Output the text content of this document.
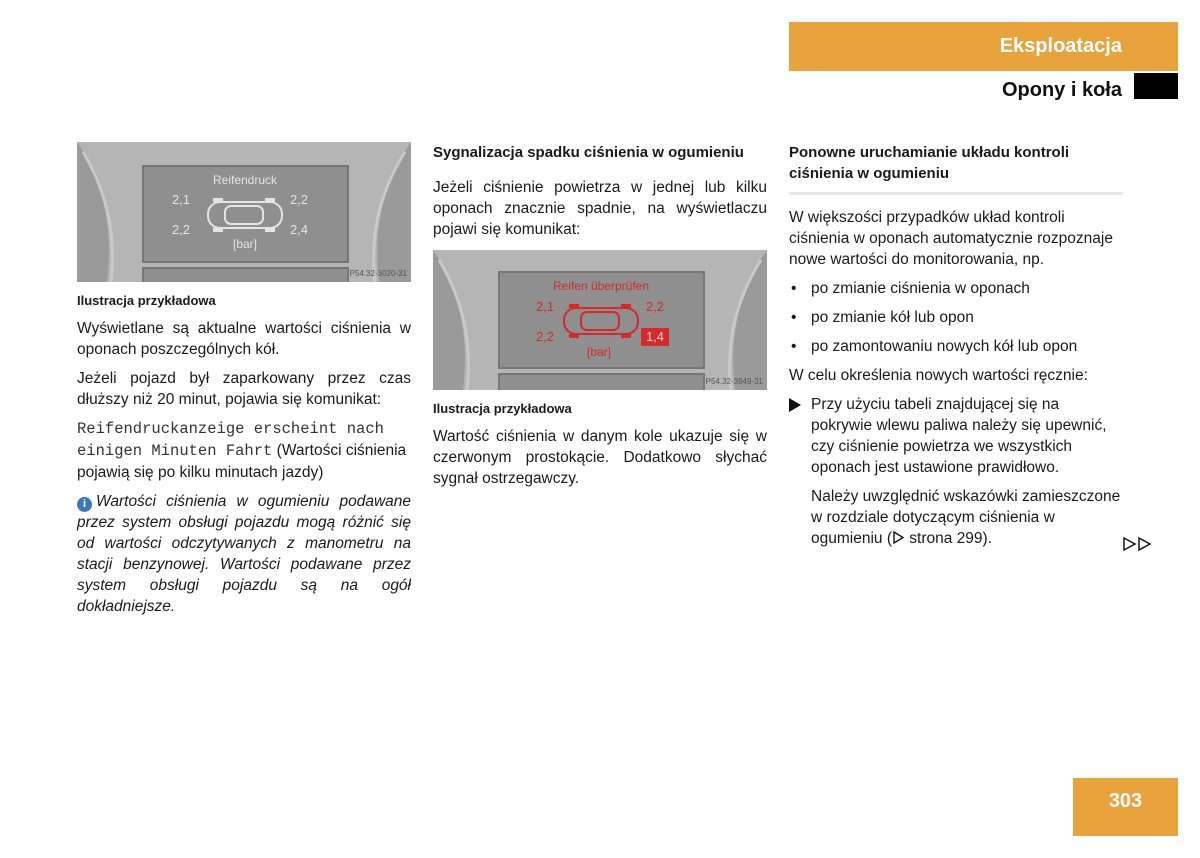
Eksploatacja
Opony i koła
Reifendruck
2,1	2,2
2,2	2,4
[bar]
P54.32-3020-31

Ilustracja przykładowa

Wyświetlane są aktualne wartości ciśnienia w oponach poszczególnych kół.

Jeżeli pojazd był zaparkowany przez czas dłuższy niż 20 minut, pojawia się komunikat:

Reifendruckanzeige erscheint nach einigen Minuten Fahrt (Wartości ciśnienia pojawią się po kilku minutach jazdy)

i Wartości ciśnienia w ogumieniu podawane przez system obsługi pojazdu mogą różnić się od wartości odczytywanych z manometru na stacji benzynowej. Wartości podawane przez system obsługi pojazdu są na ogół dokładniejsze.

Sygnalizacja spadku ciśnienia w ogumieniu

Jeżeli ciśnienie powietrza w jednej lub kilku oponach znacznie spadnie, na wyświetlaczu pojawi się komunikat:

Reifen überprüfen
2,1	2,2
2,2	1,4
[bar]
P54.32-3949-31

Ilustracja przykładowa

Wartość ciśnienia w danym kole ukazuje się w czerwonym prostokącie. Dodatkowo słychać sygnał ostrzegawczy.

Ponowne uruchamianie układu kontroli ciśnienia w ogumieniu

W większości przypadków układ kontroli ciśnienia w oponach automatycznie rozpoznaje nowe wartości do monitorowania, np.

• po zmianie ciśnienia w oponach
• po zmianie kół lub opon
• po zamontowaniu nowych kół lub opon

W celu określenia nowych wartości ręcznie:

Przy użyciu tabeli znajdującej się na pokrywie wlewu paliwa należy się upewnić, czy ciśnienie powietrza we wszystkich oponach jest ustawione prawidłowo.

Należy uwzględnić wskazówki zamieszczone w rozdziale dotyczącym ciśnienia w ogumieniu ( strona 299).

303
